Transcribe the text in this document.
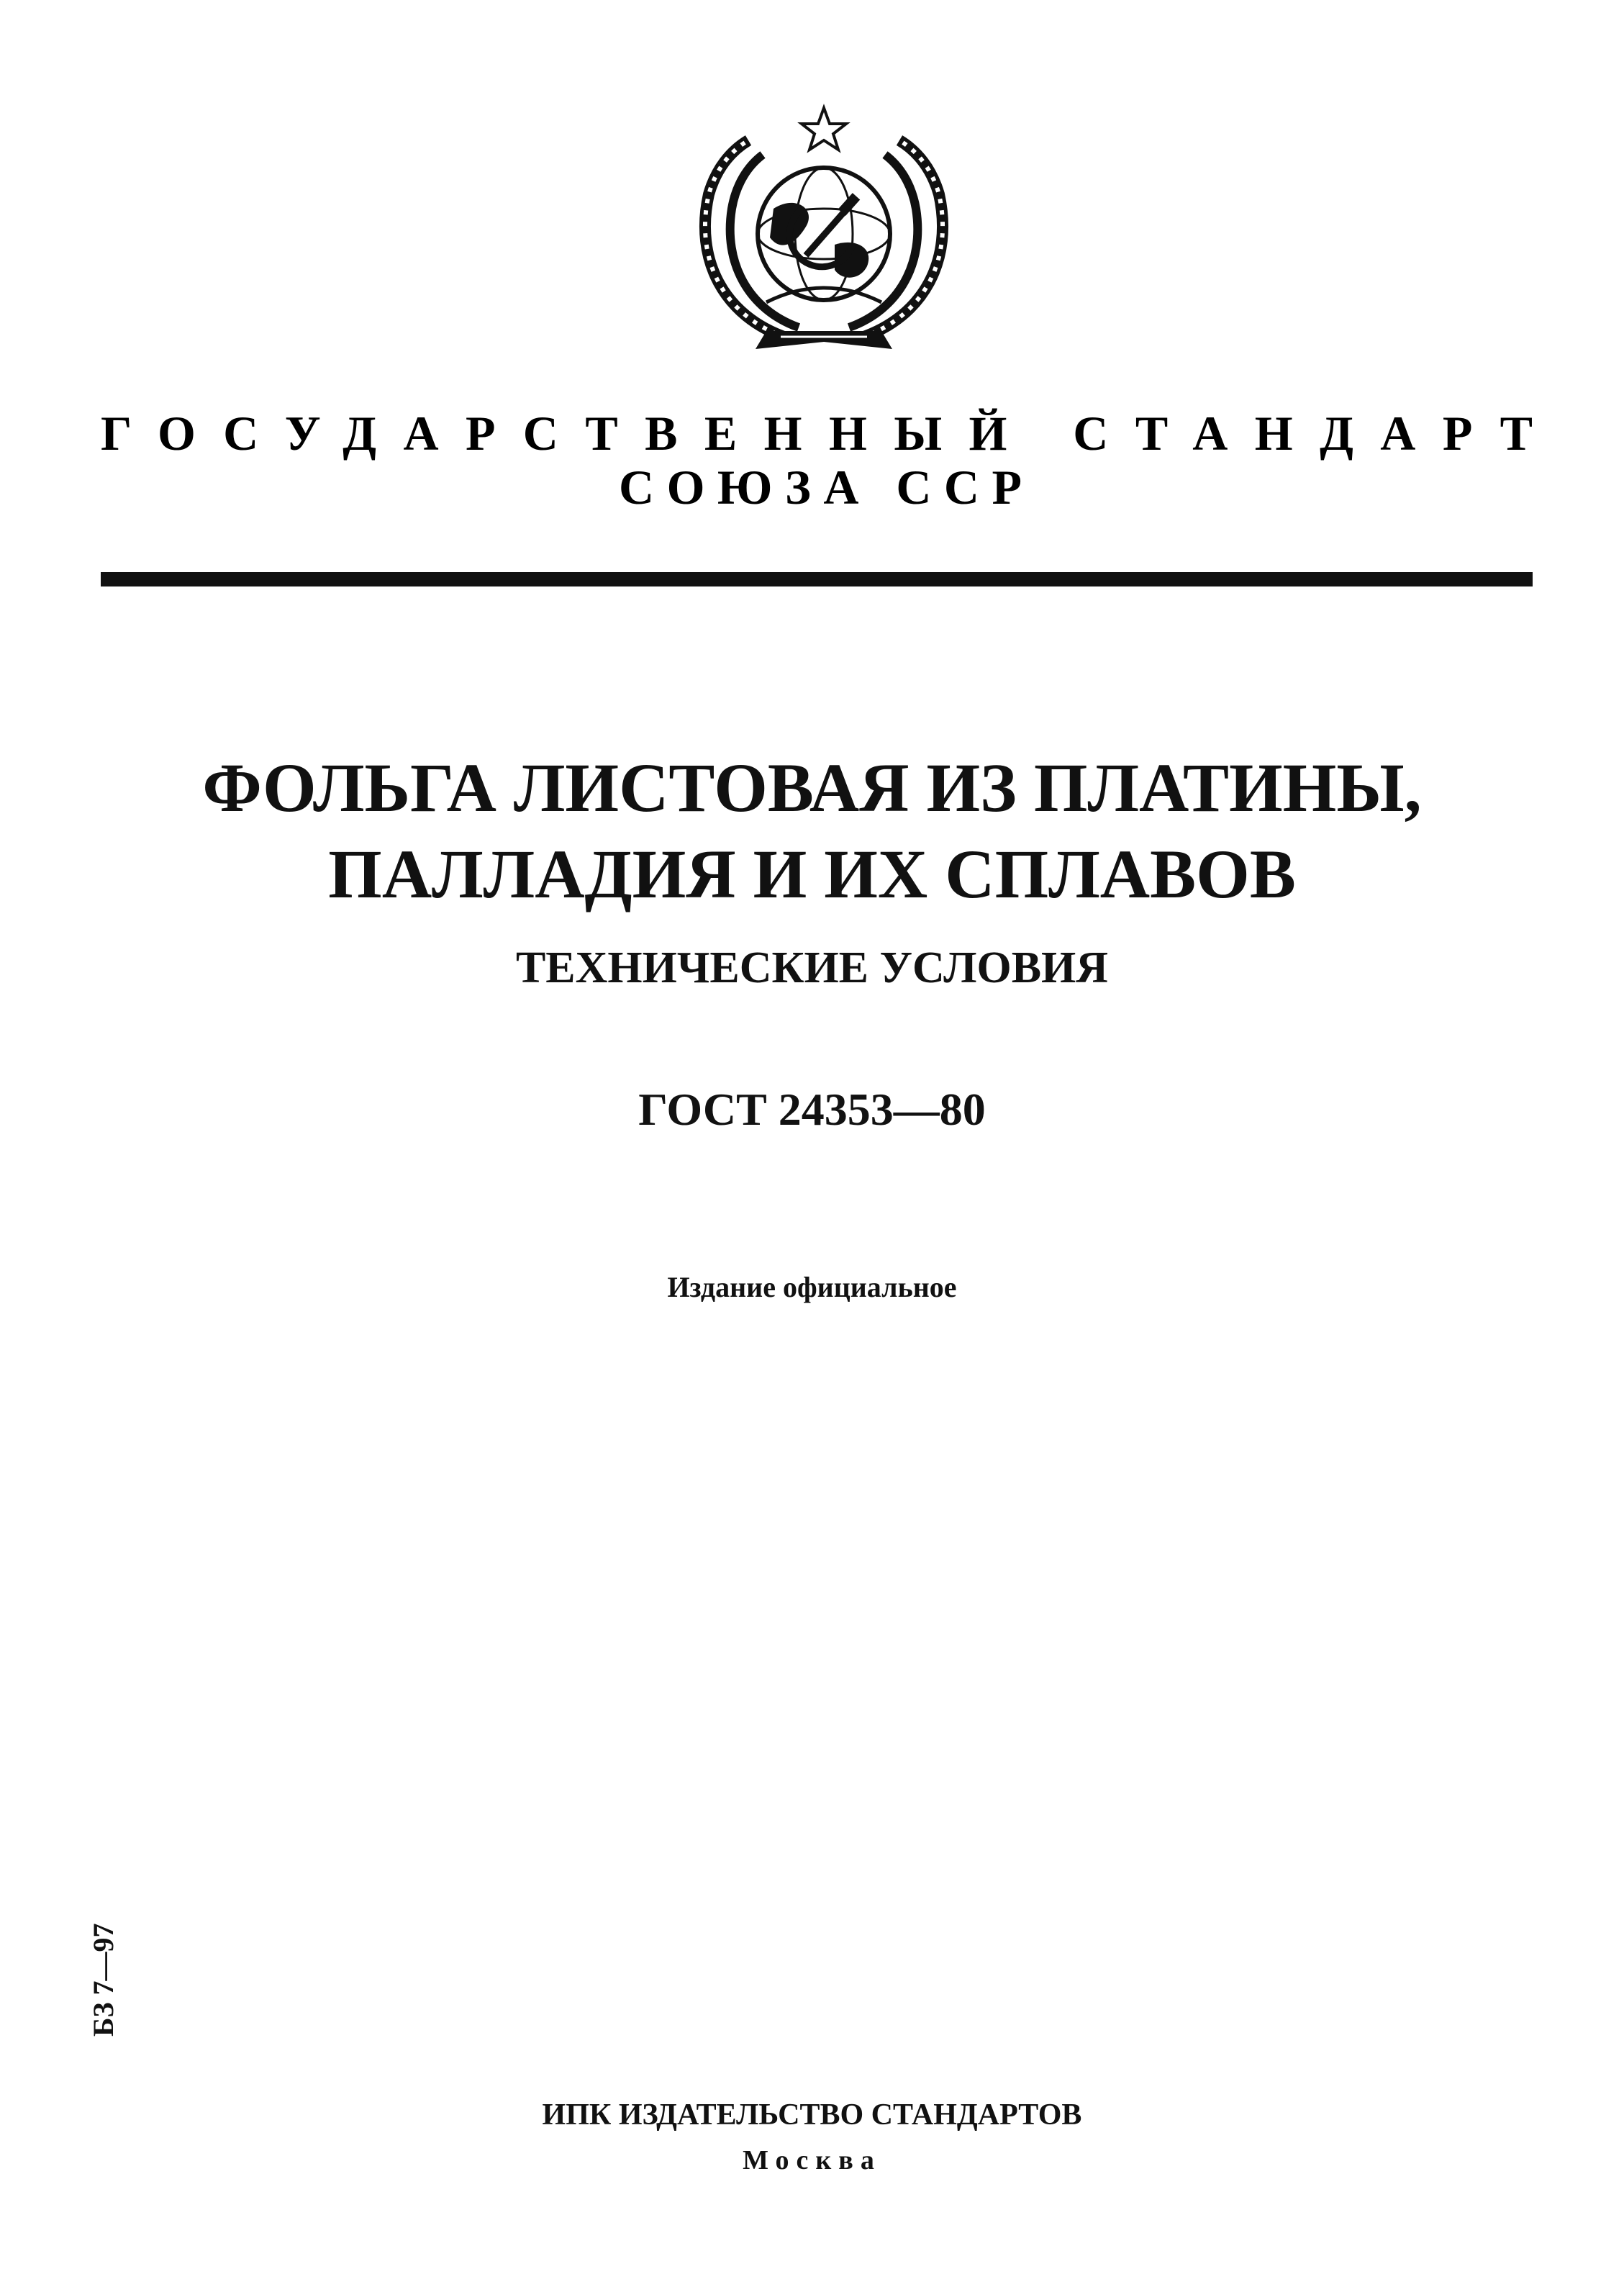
ГОСУДАРСТВЕННЫЙ СТАНДАРТ
СОЮЗА ССР
ФОЛЬГА ЛИСТОВАЯ ИЗ ПЛАТИНЫ,
ПАЛЛАДИЯ И ИХ СПЛАВОВ

ТЕХНИЧЕСКИЕ УСЛОВИЯ

ГОСТ 24353—80

Издание официальное

БЗ 7—97

ИПК ИЗДАТЕЛЬСТВО СТАНДАРТОВ

Москва
